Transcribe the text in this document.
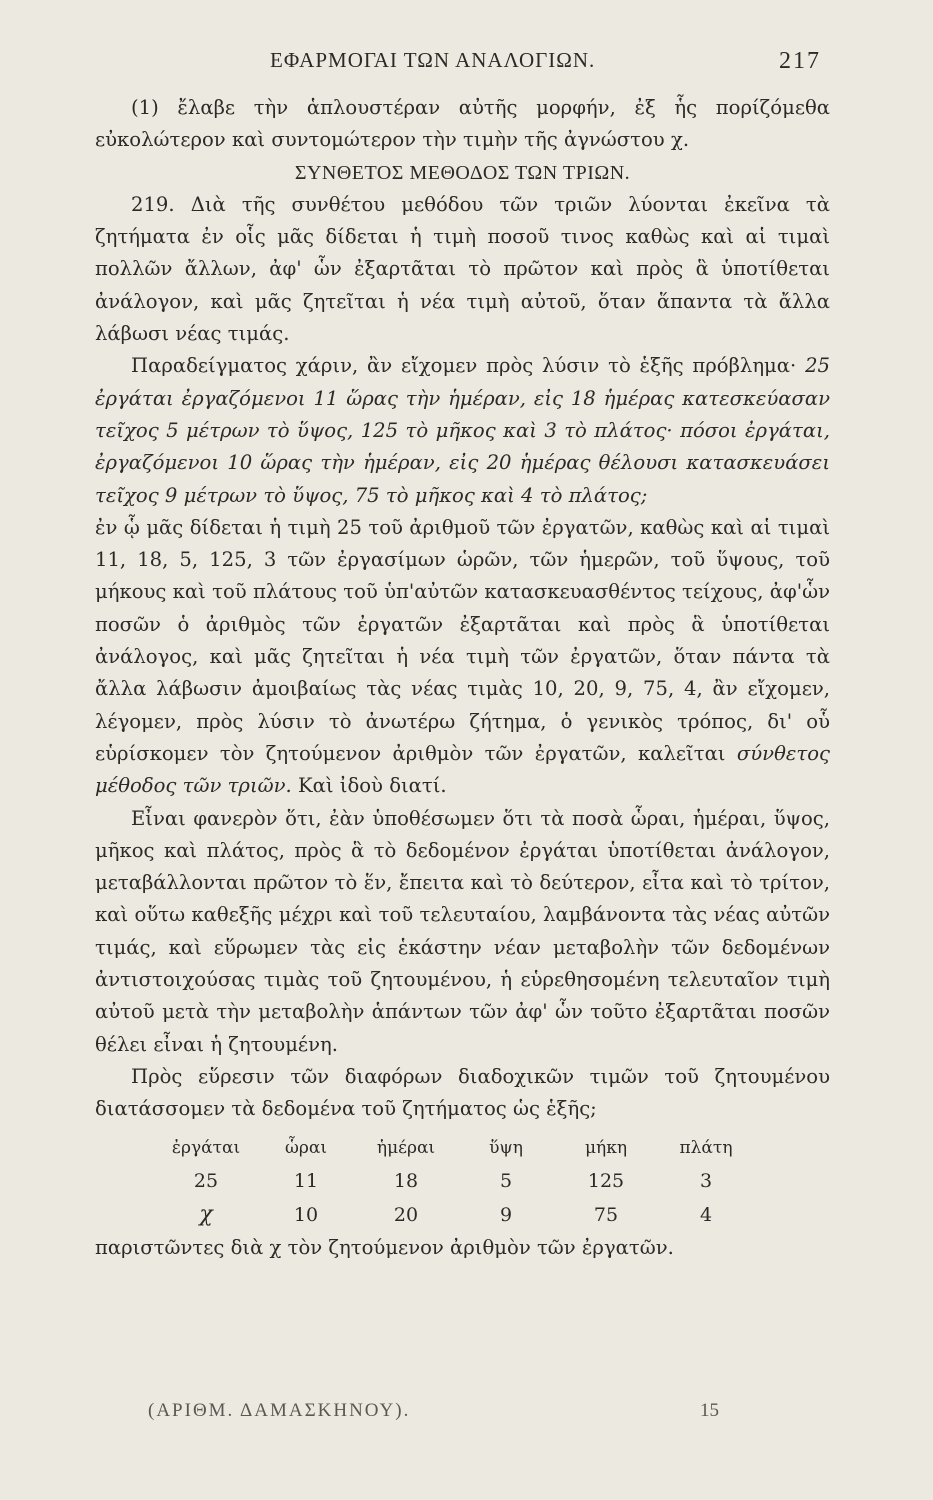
ΕΦΑΡΜΟΓΑΙ ΤΩΝ ΑΝΑΛΟΓΙΩΝ.	217

(1) ἔλαβε τὴν ἁπλουστέραν αὐτῆς μορφήν, ἐξ ἧς πορίζόμεθα εὐκολώτερον καὶ συντομώτερον τὴν τιμὴν τῆς ἀγνώστου χ.

ΣΥΝΘΕΤΟΣ ΜΕΘΟΔΟΣ ΤΩΝ ΤΡΙΩΝ.

219. Διὰ τῆς συνθέτου μεθόδου τῶν τριῶν λύονται ἐκεῖνα τὰ ζητήματα ἐν οἷς μᾶς δίδεται ἡ τιμὴ ποσοῦ τινος καθὼς καὶ αἱ τιμαὶ πολλῶν ἄλλων, ἀφ' ὧν ἐξαρτᾶται τὸ πρῶτον καὶ πρὸς ἃ ὑποτίθεται ἀνάλογον, καὶ μᾶς ζητεῖται ἡ νέα τιμὴ αὐτοῦ, ὅταν ἅπαντα τὰ ἄλλα λάβωσι νέας τιμάς.

Παραδείγματος χάριν, ἂν εἴχομεν πρὸς λύσιν τὸ ἑξῆς πρόβλημα· 25 ἐργάται ἐργαζόμενοι 11 ὥρας τὴν ἡμέραν, εἰς 18 ἡμέρας κατεσκεύασαν τεῖχος 5 μέτρων τὸ ὕψος, 125 τὸ μῆκος καὶ 3 τὸ πλάτος· πόσοι ἐργάται, ἐργαζόμενοι 10 ὥρας τὴν ἡμέραν, εἰς 20 ἡμέρας θέλουσι κατασκευάσει τεῖχος 9 μέτρων τὸ ὕψος, 75 τὸ μῆκος καὶ 4 τὸ πλάτος;

ἐν ᾧ μᾶς δίδεται ἡ τιμὴ 25 τοῦ ἀριθμοῦ τῶν ἐργατῶν, καθὼς καὶ αἱ τιμαὶ 11, 18, 5, 125, 3 τῶν ἐργασίμων ὡρῶν, τῶν ἡμερῶν, τοῦ ὕψους, τοῦ μήκους καὶ τοῦ πλάτους τοῦ ὑπ'αὐτῶν κατασκευασθέντος τείχους, ἀφ'ὧν ποσῶν ὁ ἀριθμὸς τῶν ἐργατῶν ἐξαρτᾶται καὶ πρὸς ἃ ὑποτίθεται ἀνάλογος, καὶ μᾶς ζητεῖται ἡ νέα τιμὴ τῶν ἐργατῶν, ὅταν πάντα τὰ ἄλλα λάβωσιν ἀμοιβαίως τὰς νέας τιμὰς 10, 20, 9, 75, 4, ἂν εἴχομεν, λέγομεν, πρὸς λύσιν τὸ ἀνωτέρω ζήτημα, ὁ γενικὸς τρόπος, δι' οὗ εὑρίσκομεν τὸν ζητούμενον ἀριθμὸν τῶν ἐργατῶν, καλεῖται σύνθετος μέθοδος τῶν τριῶν. Καὶ ἰδοὺ διατί.

Εἶναι φανερὸν ὅτι, ἐὰν ὑποθέσωμεν ὅτι τὰ ποσὰ ὧραι, ἡμέραι, ὕψος, μῆκος καὶ πλάτος, πρὸς ἃ τὸ δεδομένον ἐργάται ὑποτίθεται ἀνάλογον, μεταβάλλονται πρῶτον τὸ ἕν, ἔπειτα καὶ τὸ δεύτερον, εἶτα καὶ τὸ τρίτον, καὶ οὕτω καθεξῆς μέχρι καὶ τοῦ τελευταίου, λαμβάνοντα τὰς νέας αὐτῶν τιμάς, καὶ εὕρωμεν τὰς εἰς ἑκάστην νέαν μεταβολὴν τῶν δεδομένων ἀντιστοιχούσας τιμὰς τοῦ ζητουμένου, ἡ εὑρεθησομένη τελευταῖον τιμὴ αὐτοῦ μετὰ τὴν μεταβολὴν ἁπάντων τῶν ἀφ' ὧν τοῦτο ἐξαρτᾶται ποσῶν θέλει εἶναι ἡ ζητουμένη.

Πρὸς εὕρεσιν τῶν διαφόρων διαδοχικῶν τιμῶν τοῦ ζητουμένου διατάσσομεν τὰ δεδομένα τοῦ ζητήματος ὡς ἑξῆς;

ἐργάται	ὧραι	ἡμέραι	ὕψη	μήκη	πλάτη
25	11	18	5	125	3
χ	10	20	9	75	4

παριστῶντες διὰ χ τὸν ζητούμενον ἀριθμὸν τῶν ἐργατῶν.

(ΑΡΙΘΜ. ΔΑΜΑΣΚΗΝΟΥ).	15
